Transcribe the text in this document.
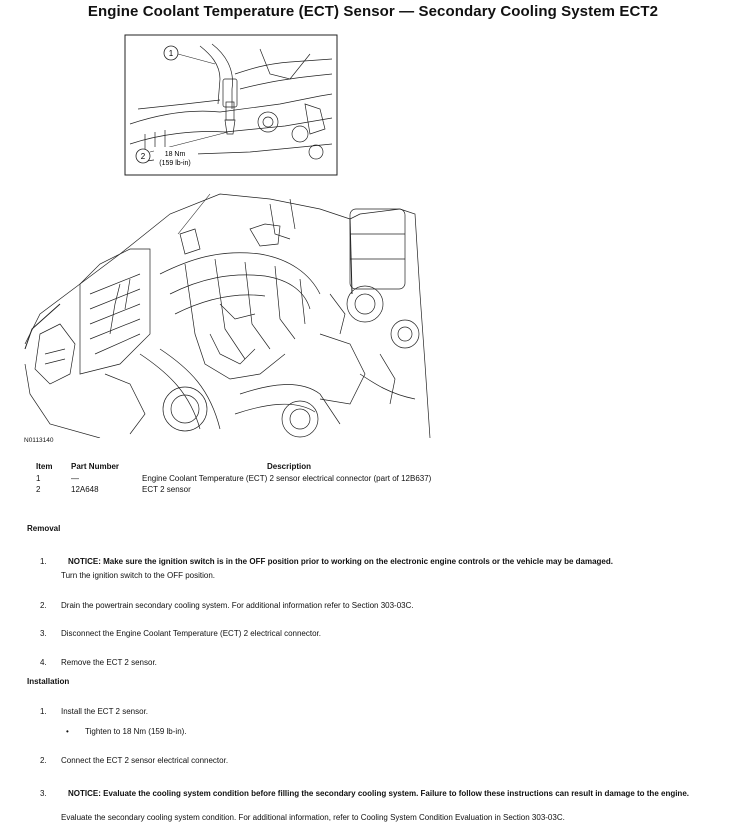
Engine Coolant Temperature (ECT) Sensor — Secondary Cooling System ECT2
1
2	18 Nm
(159 lb-in)
N0113140
Item Part Number	Description
1	—	Engine Coolant Temperature (ECT) 2 sensor electrical connector (part of 12B637)
2	12A648	ECT 2 sensor
Removal
1.	NOTICE: Make sure the ignition switch is in the OFF position prior to working on the electronic engine controls or the vehicle may be damaged.
Turn the ignition switch to the OFF position.
2. Drain the powertrain secondary cooling system. For additional information refer to Section 303-03C.
3. Disconnect the Engine Coolant Temperature (ECT) 2 electrical connector.
4. Remove the ECT 2 sensor.
Installation
1. Install the ECT 2 sensor.
• Tighten to 18 Nm (159 lb-in).
2. Connect the ECT 2 sensor electrical connector.
3.	NOTICE: Evaluate the cooling system condition before filling the secondary cooling system. Failure to follow these instructions can result in damage to the engine.
Evaluate the secondary cooling system condition. For additional information, refer to Cooling System Condition Evaluation in Section 303-03C.
